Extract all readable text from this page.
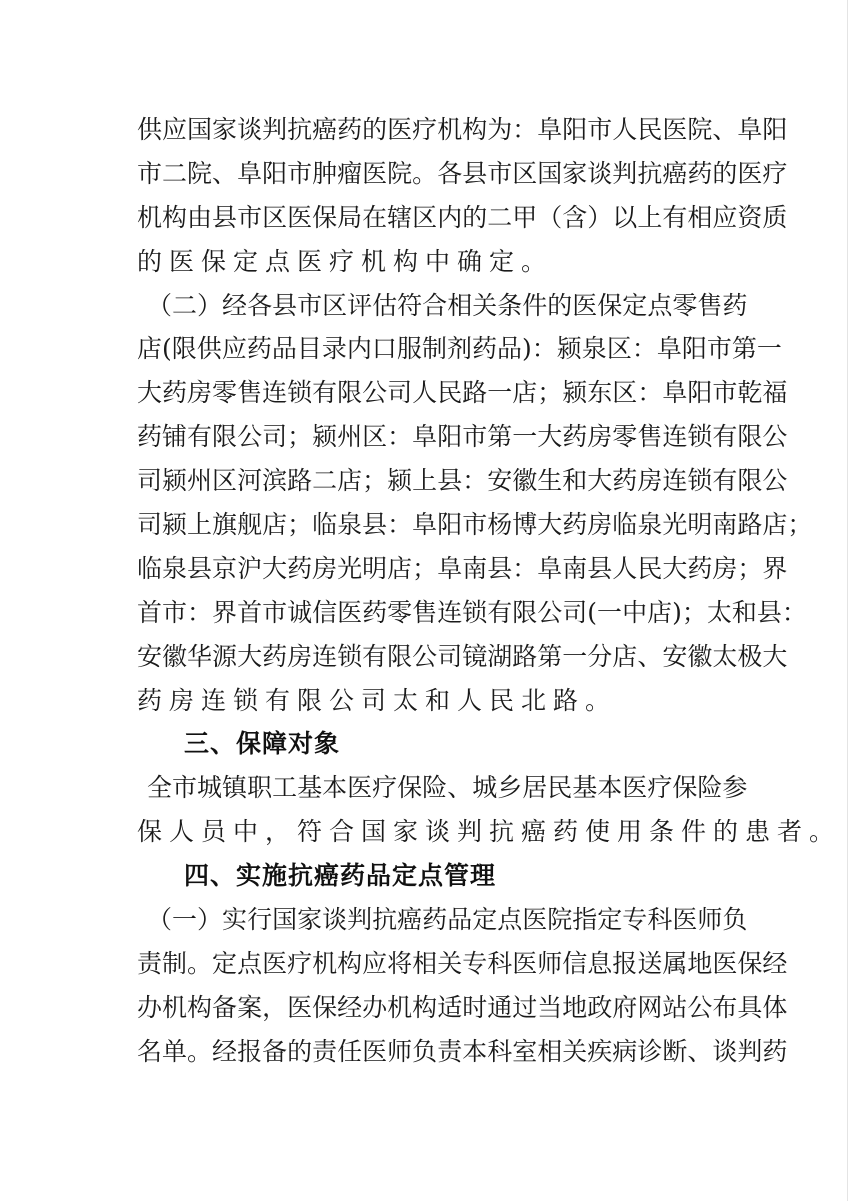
供 应 国 家 谈 判 抗 癌 药 的 医 疗 机 构 为 ： 阜 阳 市 人 民 医 院 、 阜 阳
市 二 院 、 阜 阳 市 肿 瘤 医 院 。 各 县 市 区 国 家 谈 判 抗 癌 药 的 医 疗
机 构 由 县 市 区 医 保 局 在 辖 区 内 的 二 甲 （ 含 ） 以 上 有 相 应 资 质
的医保定点医疗机构中确定。
（ 二 ） 经 各 县 市 区 评 估 符 合 相 关 条 件 的 医 保 定 点 零 售 药
店 ( 限 供 应 药 品 目 录 内 口 服 制 剂 药 品 ) ： 颍 泉 区 ： 阜 阳 市 第 一
大 药 房 零 售 连 锁 有 限 公 司 人 民 路 一 店 ； 颍 东 区 ： 阜 阳 市 乾 福
药 铺 有 限 公 司 ； 颍 州 区 ： 阜 阳 市 第 一 大 药 房 零 售 连 锁 有 限 公
司 颍 州 区 河 滨 路 二 店 ； 颍 上 县 ： 安 徽 生 和 大 药 房 连 锁 有 限 公
司 颍 上 旗 舰 店 ； 临 泉 县 ： 阜 阳 市 杨 博 大 药 房 临 泉 光 明 南 路 店 ；
临 泉 县 京 沪 大 药 房 光 明 店 ； 阜 南 县 ： 阜 南 县 人 民 大 药 房 ； 界
首 市 ： 界 首 市 诚 信 医 药 零 售 连 锁 有 限 公 司 ( 一 中 店 ) ； 太 和 县 ：
安 徽 华 源 大 药 房 连 锁 有 限 公 司 镜 湖 路 第 一 分 店 、 安 徽 太 极 大
药房连锁有限公司太和人民北路。
三、保障对象
全 市 城 镇 职 工 基 本 医 疗 保 险 、 城 乡 居 民 基 本 医 疗 保 险 参
保人员中，符合国家谈判抗癌药使用条件的患者。
四、实施抗癌药品定点管理
（ 一 ） 实 行 国 家 谈 判 抗 癌 药 品 定 点 医 院 指 定 专 科 医 师 负
责 制 。 定 点 医 疗 机 构 应 将 相 关 专 科 医 师 信 息 报 送 属 地 医 保 经
办 机 构 备 案 ， 医 保 经 办 机 构 适 时 通 过 当 地 政 府 网 站 公 布 具 体
名 单 。 经 报 备 的 责 任 医 师 负 责 本 科 室 相 关 疾 病 诊 断 、 谈 判 药
